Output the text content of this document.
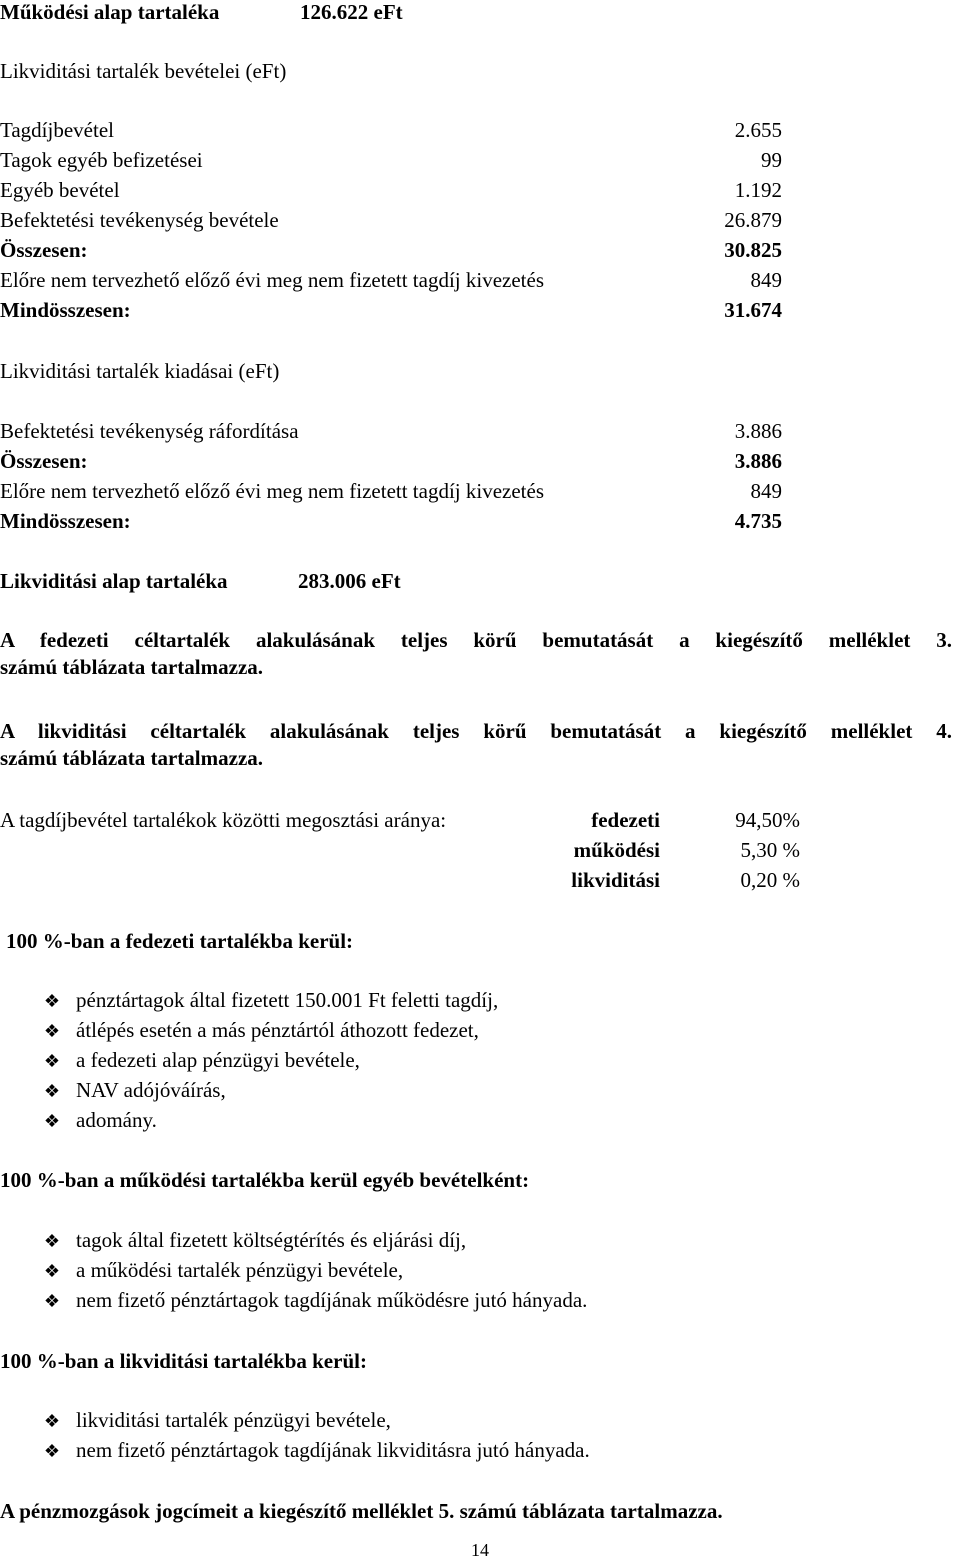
Működési alap tartaléka	126.622 eFt
Likviditási tartalék bevételei (eFt)
Tagdíjbevétel	2.655
Tagok egyéb befizetései	99
Egyéb bevétel	1.192
Befektetési tevékenység bevétele	26.879
Összesen:	30.825
Előre nem tervezhető előző évi meg nem fizetett tagdíj kivezetés	849
Mindösszesen:	31.674
Likviditási tartalék kiadásai (eFt)
Befektetési tevékenység ráfordítása	3.886
Összesen:	3.886
Előre nem tervezhető előző évi meg nem fizetett tagdíj kivezetés	849
Mindösszesen:	4.735
Likviditási alap tartaléka	283.006 eFt
A fedezeti céltartalék alakulásának teljes körű bemutatását a kiegészítő melléklet 3.
számú táblázata tartalmazza.
A likviditási céltartalék alakulásának teljes körű bemutatását a kiegészítő melléklet 4.
számú táblázata tartalmazza.
A tagdíjbevétel tartalékok közötti megosztási aránya:	fedezeti	94,50%
működési	5,30 %
likviditási	0,20 %
100 %-ban a fedezeti tartalékba kerül:
❖ pénztártagok által fizetett 150.001 Ft feletti tagdíj,
❖ átlépés esetén a más pénztártól áthozott fedezet,
❖ a fedezeti alap pénzügyi bevétele,
❖ NAV adójóváírás,
❖ adomány.
100 %-ban a működési tartalékba kerül egyéb bevételként:
❖ tagok által fizetett költségtérítés és eljárási díj,
❖ a működési tartalék pénzügyi bevétele,
❖ nem fizető pénztártagok tagdíjának működésre jutó hányada.
100 %-ban a likviditási tartalékba kerül:
❖ likviditási tartalék pénzügyi bevétele,
❖ nem fizető pénztártagok tagdíjának likviditásra jutó hányada.
A pénzmozgások jogcímeit a kiegészítő melléklet 5. számú táblázata tartalmazza.
14
